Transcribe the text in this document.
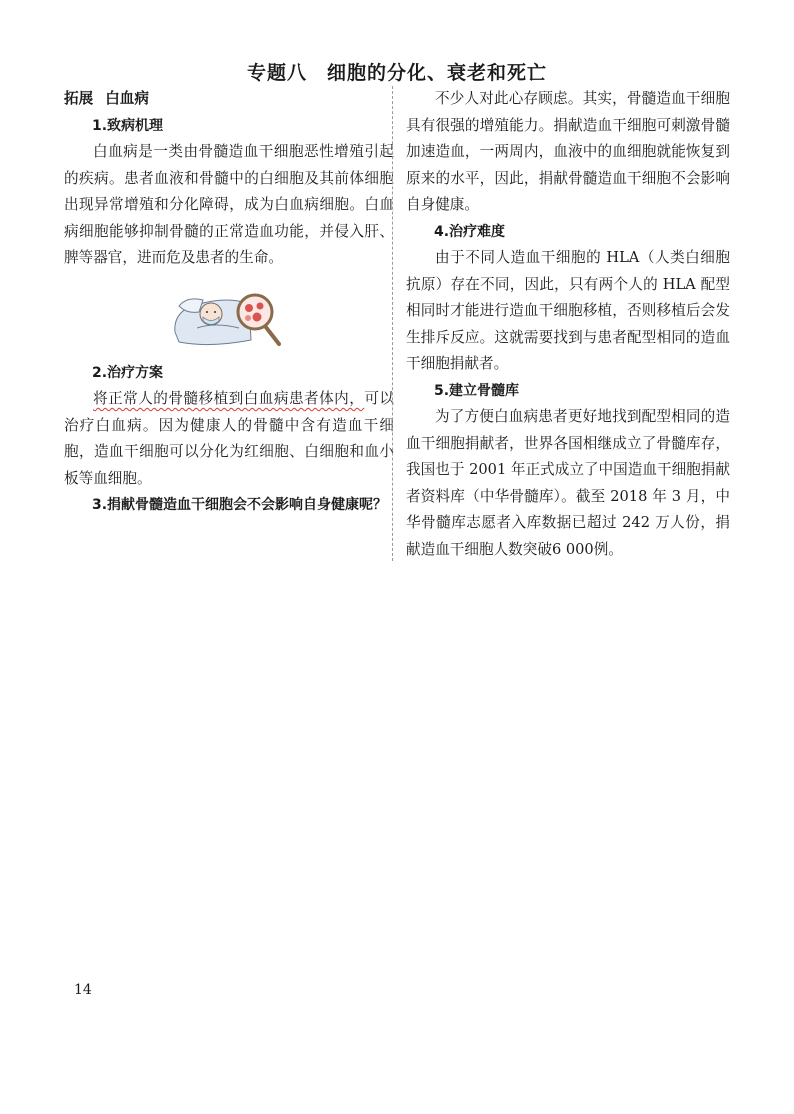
专题八　细胞的分化、衰老和死亡

拓展 白血病

1.致病机理

白血病是一类由骨髓造血干细胞恶性增殖引起的疾病。患者血液和骨髓中的白细胞及其前体细胞出现异常增殖和分化障碍，成为白血病细胞。白血病细胞能够抑制骨髓的正常造血功能，并侵入肝、脾等器官，进而危及患者的生命。

2.治疗方案

将正常人的骨髓移植到白血病患者体内，可以治疗白血病。因为健康人的骨髓中含有造血干细胞，造血干细胞可以分化为红细胞、白细胞和血小板等血细胞。

3.捐献骨髓造血干细胞会不会影响自身健康呢？

不少人对此心存顾虑。其实，骨髓造血干细胞具有很强的增殖能力。捐献造血干细胞可刺激骨髓加速造血，一两周内，血液中的血细胞就能恢复到原来的水平，因此，捐献骨髓造血干细胞不会影响自身健康。

4.治疗难度

由于不同人造血干细胞的 HLA（人类白细胞抗原）存在不同，因此，只有两个人的 HLA 配型相同时才能进行造血干细胞移植，否则移植后会发生排斥反应。这就需要找到与患者配型相同的造血干细胞捐献者。

5.建立骨髓库

为了方便白血病患者更好地找到配型相同的造血干细胞捐献者，世界各国相继成立了骨髓库存，我国也于 2001 年正式成立了中国造血干细胞捐献者资料库（中华骨髓库）。截至 2018 年 3 月，中华骨髓库志愿者入库数据已超过 242 万人份，捐献造血干细胞人数突破6 000例。

14
